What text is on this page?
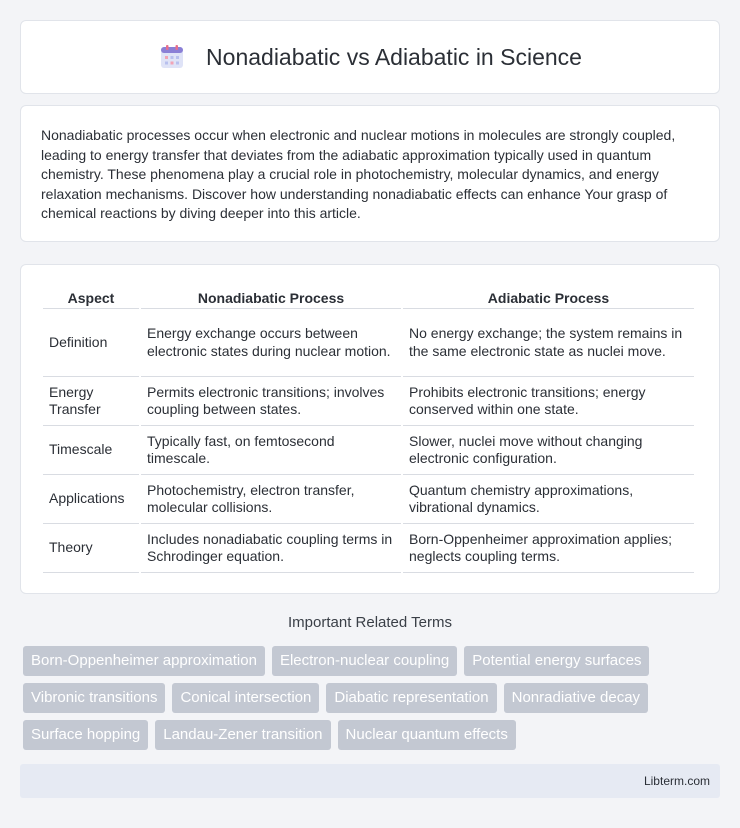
Nonadiabatic vs Adiabatic in Science

Nonadiabatic processes occur when electronic and nuclear motions in molecules are strongly coupled, leading to energy transfer that deviates from the adiabatic approximation typically used in quantum chemistry. These phenomena play a crucial role in photochemistry, molecular dynamics, and energy relaxation mechanisms. Discover how understanding nonadiabatic effects can enhance Your grasp of chemical reactions by diving deeper into this article.

Aspect	Nonadiabatic Process	Adiabatic Process
Definition	Energy exchange occurs between electronic states during nuclear motion.	No energy exchange; the system remains in the same electronic state as nuclei move.
Energy Transfer	Permits electronic transitions; involves coupling between states.	Prohibits electronic transitions; energy conserved within one state.
Timescale	Typically fast, on femtosecond timescale.	Slower, nuclei move without changing electronic configuration.
Applications	Photochemistry, electron transfer, molecular collisions.	Quantum chemistry approximations, vibrational dynamics.
Theory	Includes nonadiabatic coupling terms in Schrodinger equation.	Born-Oppenheimer approximation applies; neglects coupling terms.
Important Related Terms
Born-Oppenheimer approximation	Electron-nuclear coupling	Potential energy surfaces
Vibronic transitions	Conical intersection	Diabatic representation	Nonradiative decay
Surface hopping	Landau-Zener transition	Nuclear quantum effects
Libterm.com
